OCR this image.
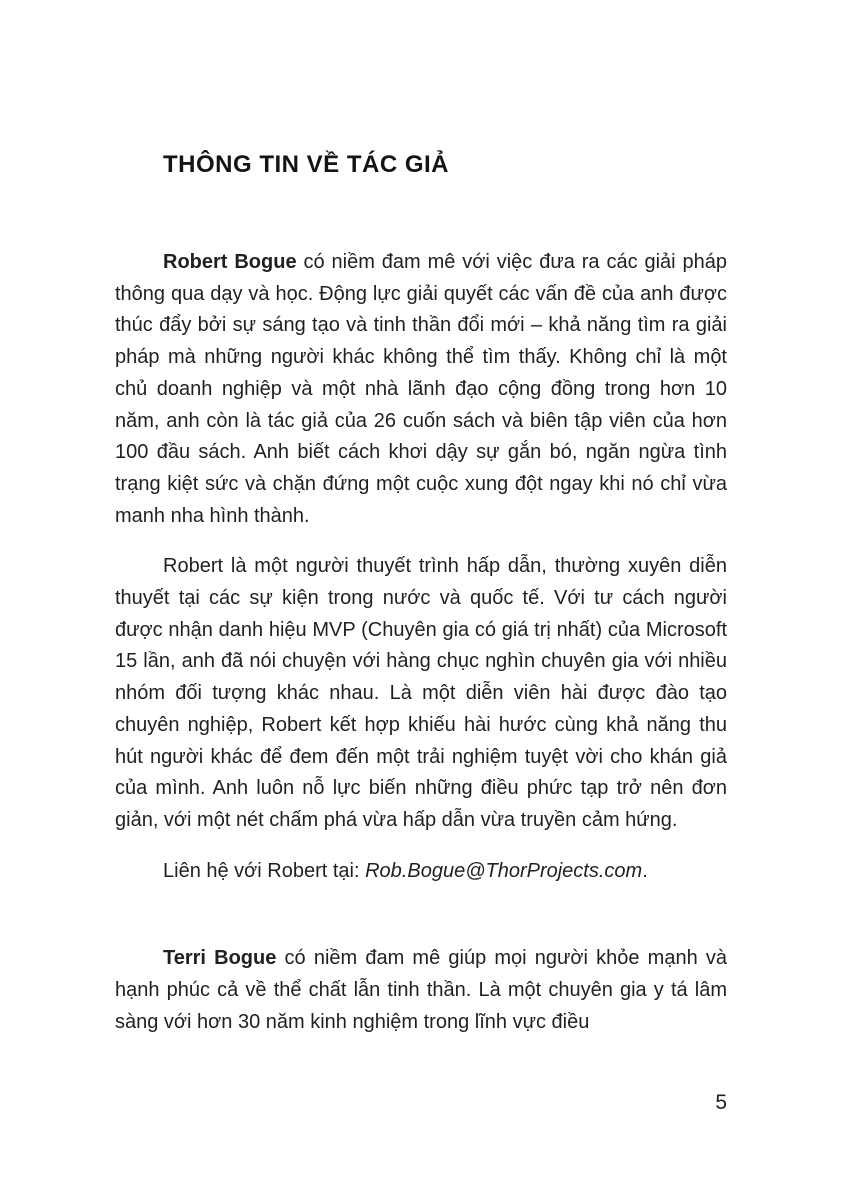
THÔNG TIN VỀ TÁC GIẢ

Robert Bogue có niềm đam mê với việc đưa ra các giải pháp thông qua dạy và học. Động lực giải quyết các vấn đề của anh được thúc đẩy bởi sự sáng tạo và tinh thần đổi mới – khả năng tìm ra giải pháp mà những người khác không thể tìm thấy. Không chỉ là một chủ doanh nghiệp và một nhà lãnh đạo cộng đồng trong hơn 10 năm, anh còn là tác giả của 26 cuốn sách và biên tập viên của hơn 100 đầu sách. Anh biết cách khơi dậy sự gắn bó, ngăn ngừa tình trạng kiệt sức và chặn đứng một cuộc xung đột ngay khi nó chỉ vừa manh nha hình thành.

Robert là một người thuyết trình hấp dẫn, thường xuyên diễn thuyết tại các sự kiện trong nước và quốc tế. Với tư cách người được nhận danh hiệu MVP (Chuyên gia có giá trị nhất) của Microsoft 15 lần, anh đã nói chuyện với hàng chục nghìn chuyên gia với nhiều nhóm đối tượng khác nhau. Là một diễn viên hài được đào tạo chuyên nghiệp, Robert kết hợp khiếu hài hước cùng khả năng thu hút người khác để đem đến một trải nghiệm tuyệt vời cho khán giả của mình. Anh luôn nỗ lực biến những điều phức tạp trở nên đơn giản, với một nét chấm phá vừa hấp dẫn vừa truyền cảm hứng.

Liên hệ với Robert tại: Rob.Bogue@ThorProjects.com.

Terri Bogue có niềm đam mê giúp mọi người khỏe mạnh và hạnh phúc cả về thể chất lẫn tinh thần. Là một chuyên gia y tá lâm sàng với hơn 30 năm kinh nghiệm trong lĩnh vực điều

5
